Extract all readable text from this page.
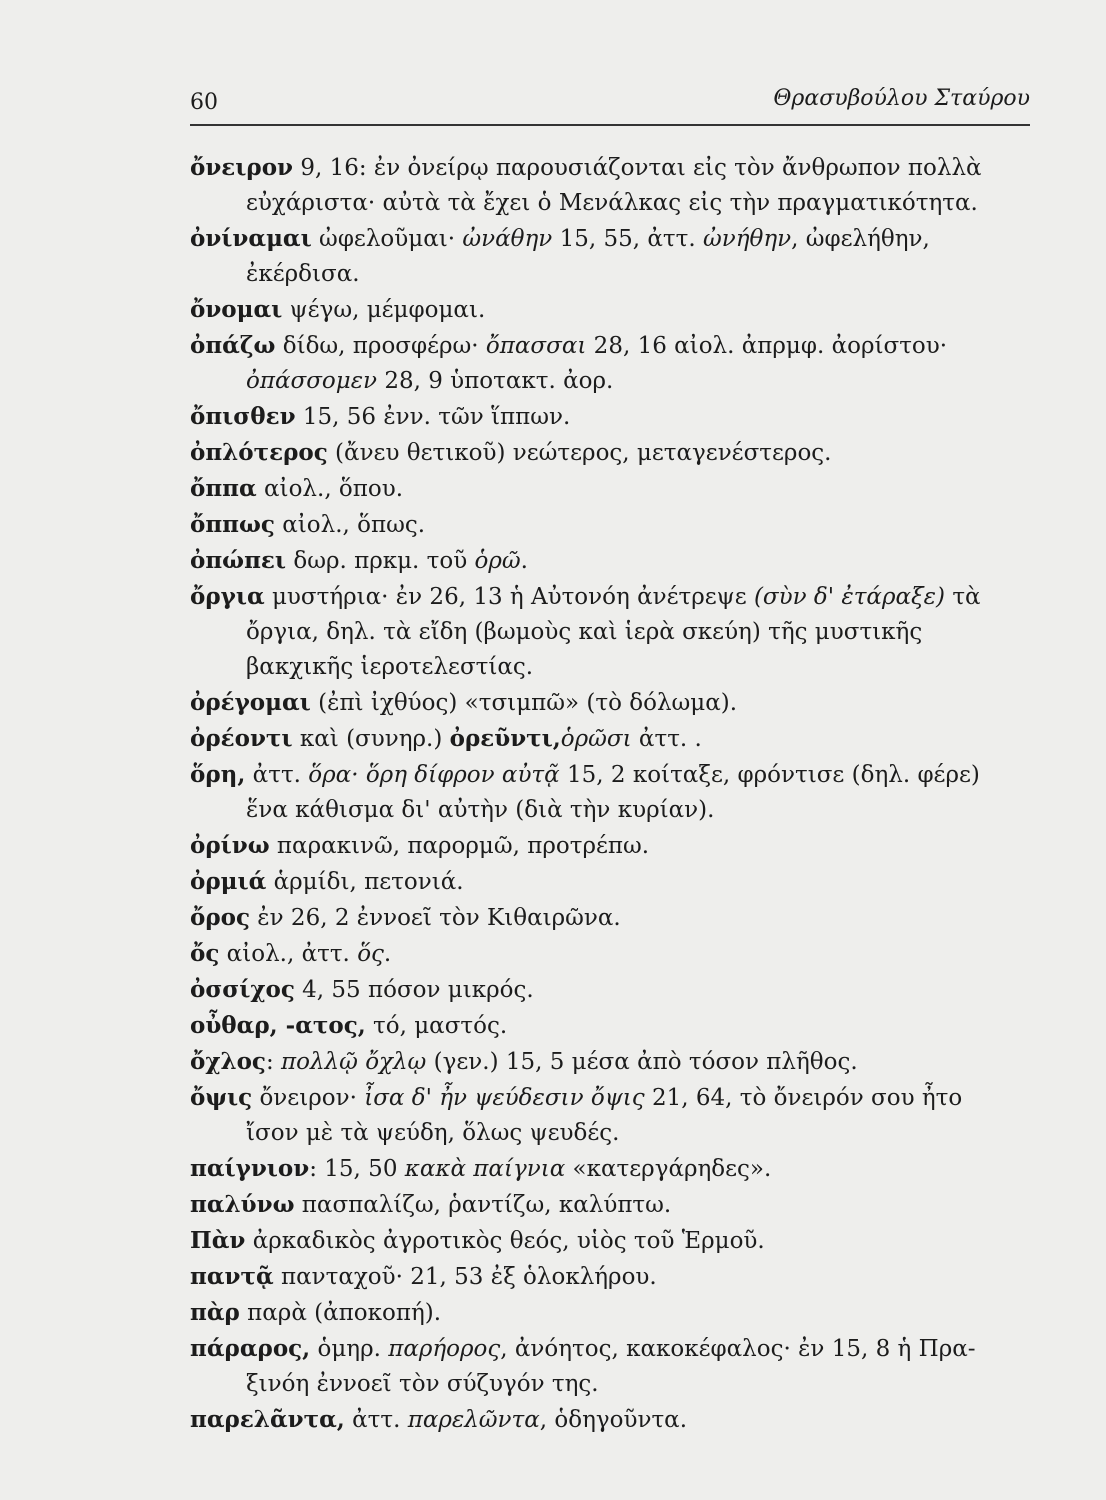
60	Θρασυβούλου Σταύρου

ὄνειρον 9, 16: ἐν ὀνείρῳ παρουσιάζονται εἰς τὸν ἄνθρωπον πολλὰ
εὐχάριστα· αὐτὰ τὰ ἔχει ὁ Μενάλκας εἰς τὴν πραγματικότητα.

ὀνίναμαι ὠφελοῦμαι· ὠνάθην 15, 55, ἀττ. ὠνήθην, ὠφελήθην,
ἐκέρδισα.

ὄνομαι ψέγω, μέμφομαι.

ὀπάζω δίδω, προσφέρω· ὄπασσαι 28, 16 αἰολ. ἀπρμφ. ἀορίστου·
ὀπάσσομεν 28, 9 ὑποτακτ. ἀορ.

ὄπισθεν 15, 56 ἐνν. τῶν ἵππων.

ὀπλότερος (ἄνευ θετικοῦ) νεώτερος, μεταγενέστερος.

ὄππα αἰολ., ὅπου.

ὄππως αἰολ., ὅπως.

ὀπώπει δωρ. πρκμ. τοῦ ὁρῶ.

ὄργια μυστήρια· ἐν 26, 13 ἡ Αὐτονόη ἀνέτρεψε (σὺν δ' ἐτάραξε) τὰ
ὄργια, δηλ. τὰ εἴδη (βωμοὺς καὶ ἱερὰ σκεύη) τῆς μυστικῆς
βακχικῆς ἱεροτελεστίας.

ὀρέγομαι (ἐπὶ ἰχθύος) «τσιμπῶ» (τὸ δόλωμα).

ὀρέοντι καὶ (συνηρ.) ὀρεῦντι,ὁρῶσι ἀττ. .

ὅρη, ἀττ. ὅρα· ὅρη δίφρον αὐτᾷ 15, 2 κοίταξε, φρόντισε (δηλ. φέρε)
ἕνα κάθισμα δι' αὐτὴν (διὰ τὴν κυρίαν).

ὀρίνω παρακινῶ, παρορμῶ, προτρέπω.

ὀρμιά ἁρμίδι, πετονιά.

ὄρος ἐν 26, 2 ἐννοεῖ τὸν Κιθαιρῶνα.

ὄς αἰολ., ἀττ. ὅς.

ὀσσίχος 4, 55 πόσον μικρός.

οὖθαρ, -ατος, τό, μαστός.

ὄχλος: πολλῷ ὄχλῳ (γεν.) 15, 5 μέσα ἀπὸ τόσον πλῆθος.

ὄψις ὄνειρον· ἶσα δ' ἦν ψεύδεσιν ὄψις 21, 64, τὸ ὄνειρόν σου ἦτο
ἴσον μὲ τὰ ψεύδη, ὅλως ψευδές.

παίγνιον: 15, 50 κακὰ παίγνια «κατεργάρηδες».

παλύνω πασπαλίζω, ῥαντίζω, καλύπτω.

Πὰν ἀρκαδικὸς ἀγροτικὸς θεός, υἱὸς τοῦ Ἑρμοῦ.

παντᾷ πανταχοῦ· 21, 53 ἐξ ὁλοκλήρου.

πὰρ παρὰ (ἀποκοπή).

πάραρος, ὁμηρ. παρήορος, ἀνόητος, κακοκέφαλος· ἐν 15, 8 ἡ Πρα-
ξινόη ἐννοεῖ τὸν σύζυγόν της.

παρελᾶντα, ἀττ. παρελῶντα, ὁδηγοῦντα.
